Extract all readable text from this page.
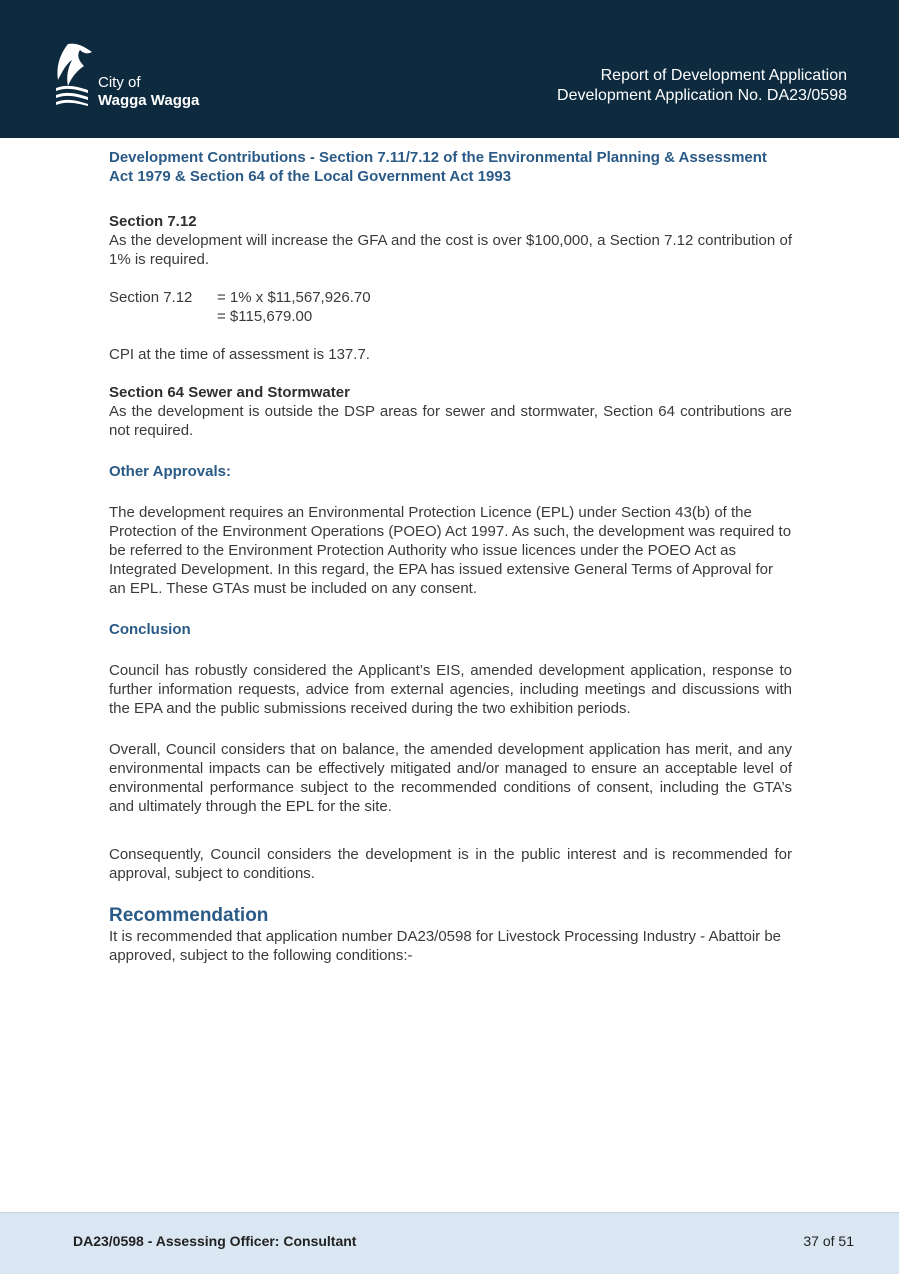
City of
Wagga Wagga
Report of Development Application
Development Application No. DA23/0598

Development Contributions - Section 7.11/7.12 of the Environmental Planning & Assessment Act 1979 & Section 64 of the Local Government Act 1993

Section 7.12

As the development will increase the GFA and the cost is over $100,000, a Section 7.12 contribution of 1% is required.

Section 7.12	= 1% x $11,567,926.70
= $115,679.00

CPI at the time of assessment is 137.7.

Section 64 Sewer and Stormwater

As the development is outside the DSP areas for sewer and stormwater, Section 64 contributions are not required.

Other Approvals:

The development requires an Environmental Protection Licence (EPL) under Section 43(b) of the Protection of the Environment Operations (POEO) Act 1997. As such, the development was required to be referred to the Environment Protection Authority who issue licences under the POEO Act as Integrated Development. In this regard, the EPA has issued extensive General Terms of Approval for an EPL. These GTAs must be included on any consent.

Conclusion

Council has robustly considered the Applicant’s EIS, amended development application, response to further information requests, advice from external agencies, including meetings and discussions with the EPA and the public submissions received during the two exhibition periods.

Overall, Council considers that on balance, the amended development application has merit, and any environmental impacts can be effectively mitigated and/or managed to ensure an acceptable level of environmental performance subject to the recommended conditions of consent, including the GTA’s and ultimately through the EPL for the site.

Consequently, Council considers the development is in the public interest and is recommended for approval, subject to conditions.

Recommendation

It is recommended that application number DA23/0598 for Livestock Processing Industry - Abattoir be approved, subject to the following conditions:-

DA23/0598 - Assessing Officer: Consultant	37 of 51
